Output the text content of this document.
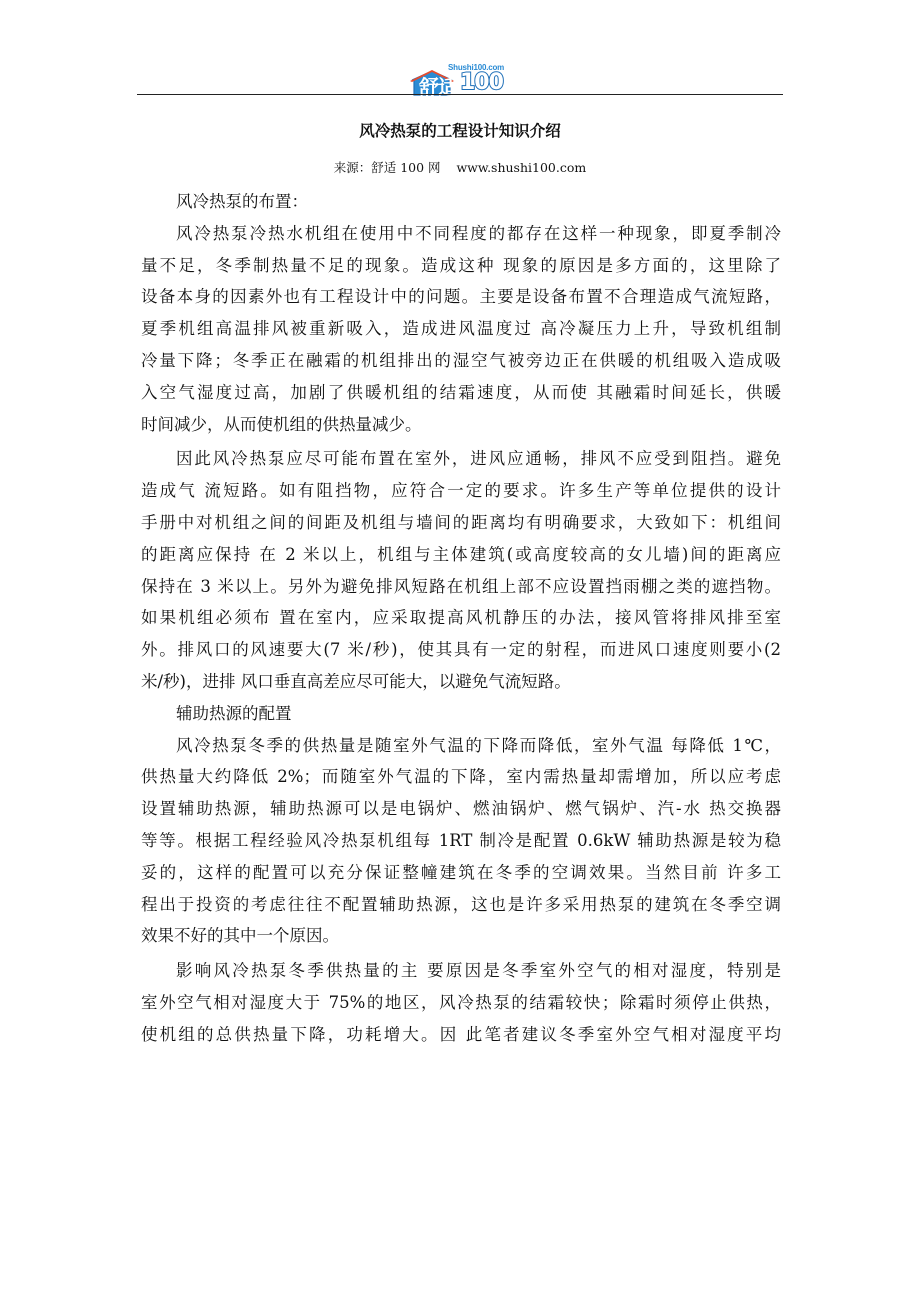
Shushi100.com
舒适 100
风冷热泵的工程设计知识介绍
来源：舒适 100 网    www.shushi100.com
风冷热泵的布置：
风冷热泵冷热水机组在使用中不同程度的都存在这样一种现象，即夏季制冷
量不足，冬季制热量不足的现象。造成这种 现象的原因是多方面的，这里除了
设备本身的因素外也有工程设计中的问题。主要是设备布置不合理造成气流短路，
夏季机组高温排风被重新吸入，造成进风温度过 高冷凝压力上升，导致机组制
冷量下降；冬季正在融霜的机组排出的湿空气被旁边正在供暖的机组吸入造成吸
入空气湿度过高，加剧了供暖机组的结霜速度，从而使 其融霜时间延长，供暖
时间减少，从而使机组的供热量减少。
因此风冷热泵应尽可能布置在室外，进风应通畅，排风不应受到阻挡。避免
造成气 流短路。如有阻挡物，应符合一定的要求。许多生产等单位提供的设计
手册中对机组之间的间距及机组与墙间的距离均有明确要求，大致如下：机组间
的距离应保持 在 2 米以上，机组与主体建筑(或高度较高的女儿墙)间的距离应
保持在 3 米以上。另外为避免排风短路在机组上部不应设置挡雨棚之类的遮挡物。
如果机组必须布 置在室内，应采取提高风机静压的办法，接风管将排风排至室
外。排风口的风速要大(7 米/秒)，使其具有一定的射程，而进风口速度则要小(2
米/秒)，进排 风口垂直高差应尽可能大，以避免气流短路。
辅助热源的配置
风冷热泵冬季的供热量是随室外气温的下降而降低，室外气温 每降低 1℃，
供热量大约降低 2%；而随室外气温的下降，室内需热量却需增加，所以应考虑
设置辅助热源，辅助热源可以是电锅炉、燃油锅炉、燃气锅炉、汽-水 热交换器
等等。根据工程经验风冷热泵机组每 1RT 制冷是配置 0.6kW 辅助热源是较为稳
妥的，这样的配置可以充分保证整幢建筑在冬季的空调效果。当然目前 许多工
程出于投资的考虑往往不配置辅助热源，这也是许多采用热泵的建筑在冬季空调
效果不好的其中一个原因。
影响风冷热泵冬季供热量的主 要原因是冬季室外空气的相对湿度，特别是
室外空气相对湿度大于 75%的地区，风冷热泵的结霜较快；除霜时须停止供热，
使机组的总供热量下降，功耗增大。因 此笔者建议冬季室外空气相对湿度平均
